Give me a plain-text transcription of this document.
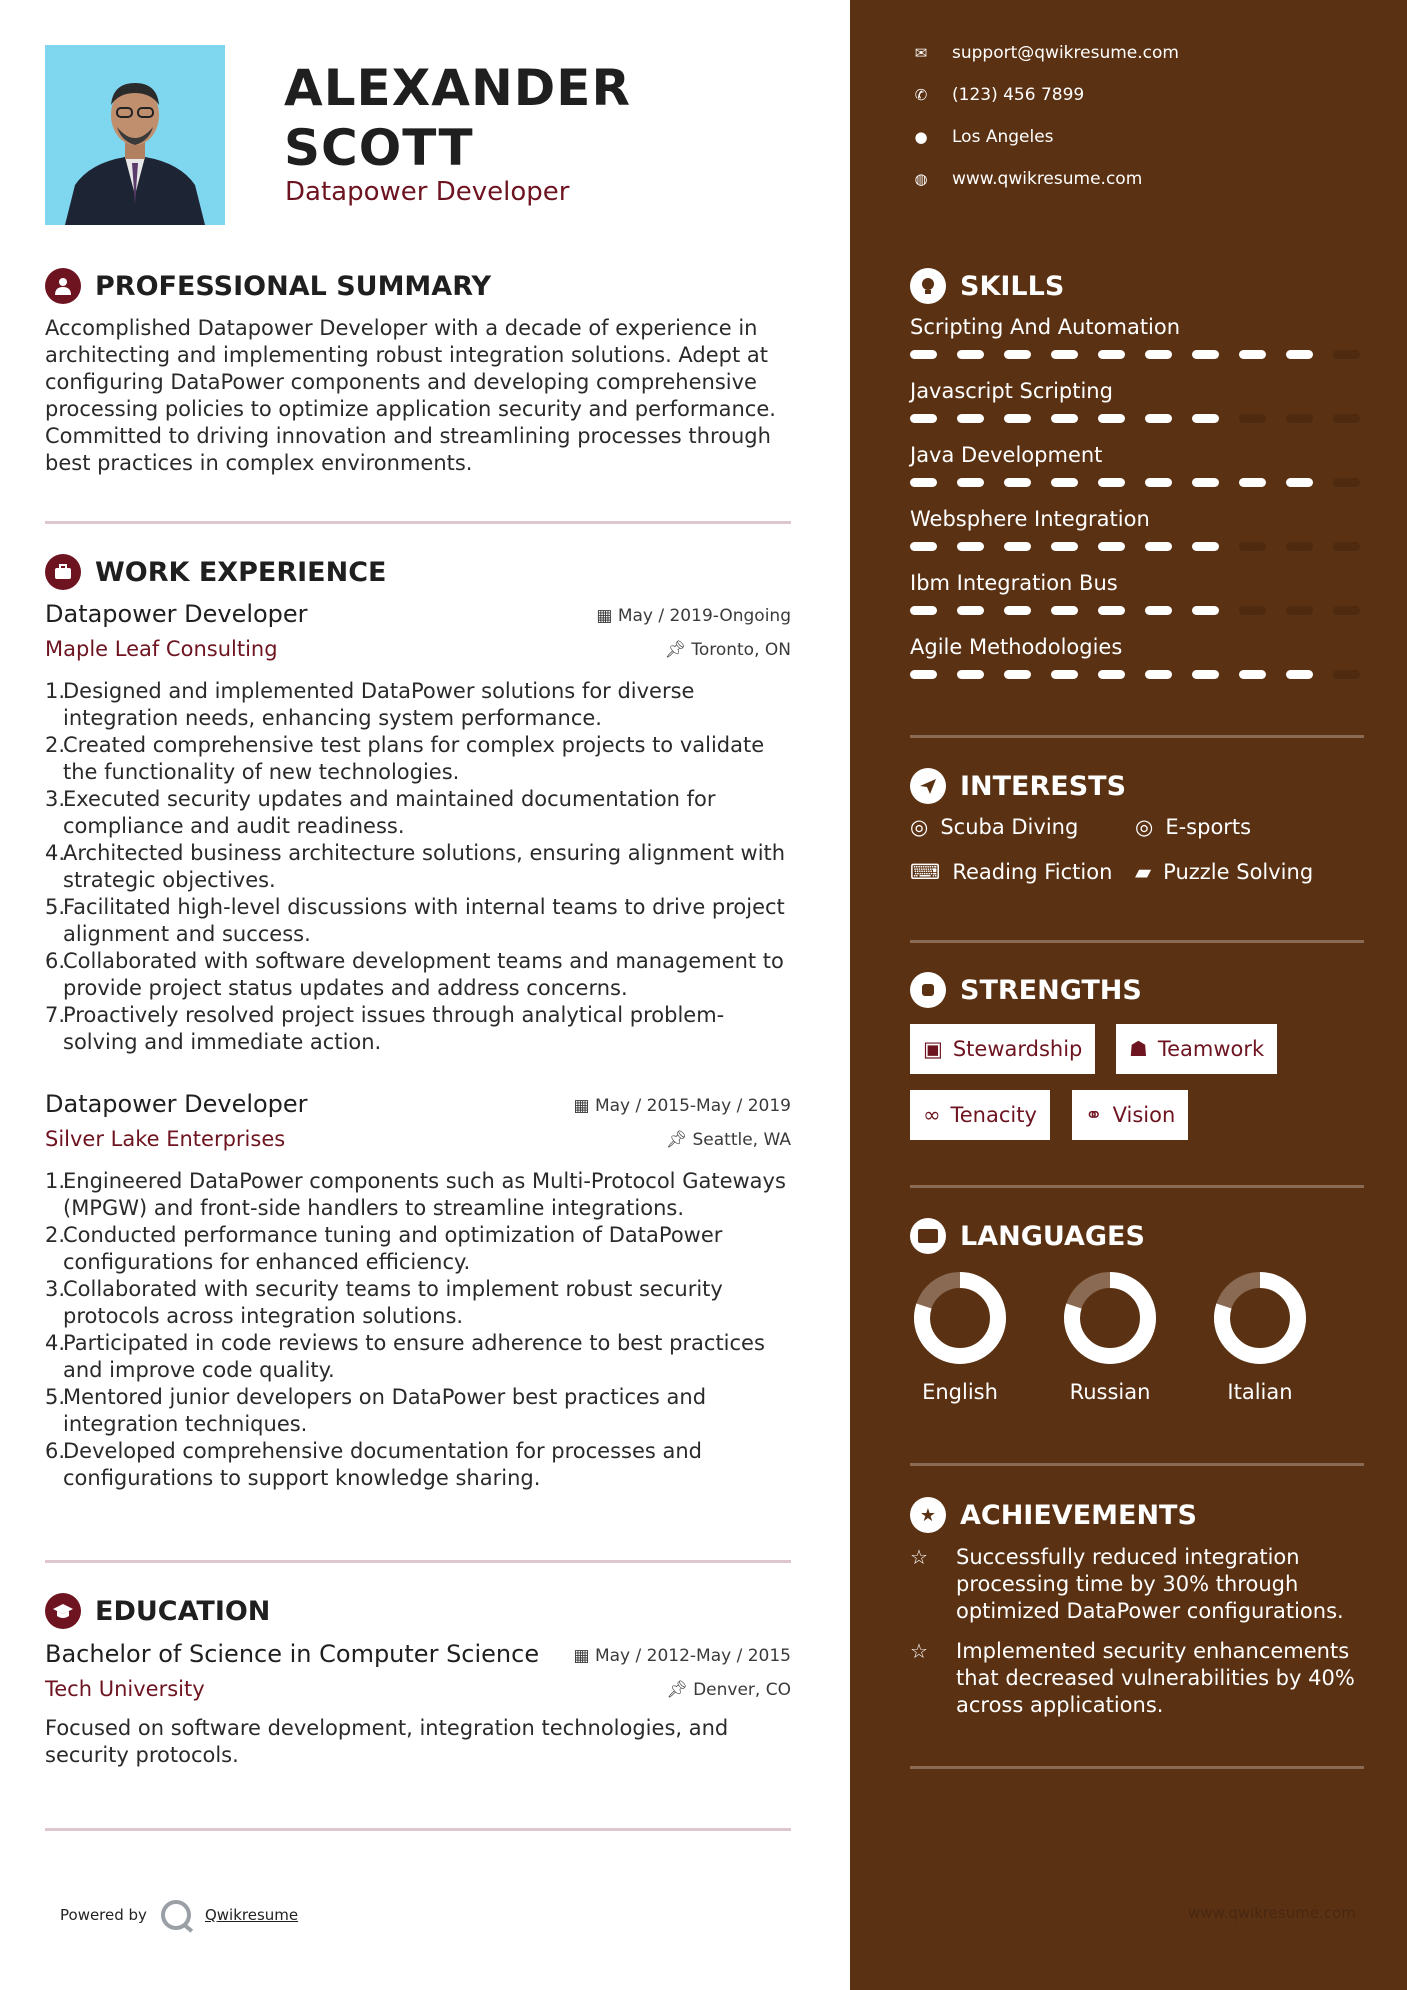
ALEXANDER
SCOTT
Datapower Developer
PROFESSIONAL SUMMARY
Accomplished Datapower Developer with a decade of experience in architecting and implementing robust integration solutions. Adept at configuring DataPower components and developing comprehensive processing policies to optimize application security and performance. Committed to driving innovation and streamlining processes through best practices in complex environments.
WORK EXPERIENCE
Datapower Developer	▦ May / 2019-Ongoing
Maple Leaf Consulting	📌︎ Toronto, ON
1.
Designed and implemented DataPower solutions for diverse integration needs, enhancing system performance.
2.
Created comprehensive test plans for complex projects to validate the functionality of new technologies.
3.
Executed security updates and maintained documentation for compliance and audit readiness.
4.
Architected business architecture solutions, ensuring alignment with strategic objectives.
5.
Facilitated high-level discussions with internal teams to drive project alignment and success.
6.
Collaborated with software development teams and management to provide project status updates and address concerns.
7.
Proactively resolved project issues through analytical problem-solving and immediate action.
Datapower Developer	▦ May / 2015-May / 2019
Silver Lake Enterprises	📌︎ Seattle, WA
1.
Engineered DataPower components such as Multi-Protocol Gateways (MPGW) and front-side handlers to streamline integrations.
2.
Conducted performance tuning and optimization of DataPower configurations for enhanced efficiency.
3.
Collaborated with security teams to implement robust security protocols across integration solutions.
4.
Participated in code reviews to ensure adherence to best practices and improve code quality.
5.
Mentored junior developers on DataPower best practices and integration techniques.
6.
Developed comprehensive documentation for processes and configurations to support knowledge sharing.
EDUCATION
Bachelor of Science in Computer Science ▦ May / 2012-May / 2015
Tech University	📌︎ Denver, CO
Focused on software development, integration technologies, and security protocols.
Powered by	Qwikresume
✉ support@qwikresume.com
✆ (123) 456 7899
● Los Angeles
◍ www.qwikresume.com
SKILLS
Scripting And Automation
Javascript Scripting
Java Development
Websphere Integration
Ibm Integration Bus
Agile Methodologies
INTERESTS
◎ Scuba Diving	◎ E-sports
⌨ Reading Fiction ▰ Puzzle Solving
STRENGTHS
▣ Stewardship ☗ Teamwork
∞ Tenacity ⚭ Vision
LANGUAGES
English	Russian	Italian
★ ACHIEVEMENTS
☆	Successfully reduced integration processing time by 30% through optimized DataPower configurations.
☆	Implemented security enhancements that decreased vulnerabilities by 40% across applications.
www.qwikresume.com
